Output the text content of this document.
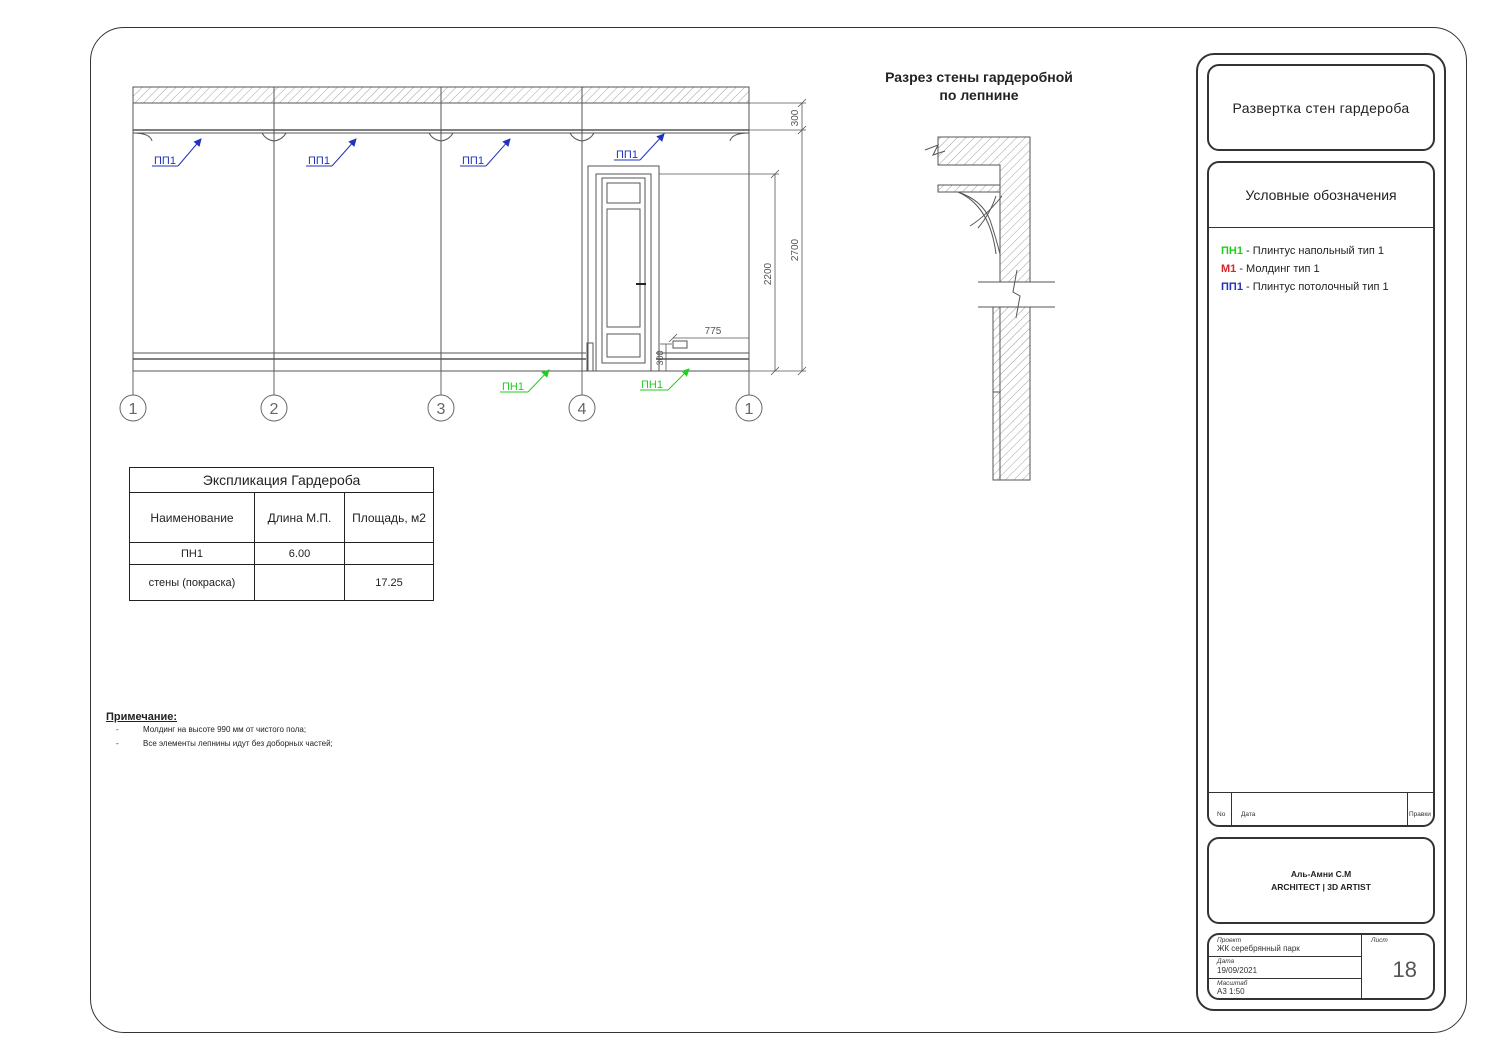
300
2700
2200
775
300
ПП1	ПП1	ПП1	ПП1
ПН1	ПН1
1	2	3	4	1
Разрез стены гардеробной
по лепнине
Экспликация Гардероба		
Наименование	Длина М.П.	Площадь, м2
ПН1	6.00	
стены (покраска)		17.25
Примечание:
-	Молдинг на высоте 990 мм от чистого пола;
-	Все элементы лепнины идут без доборных частей;
Развертка стен гардероба
Условные обозначения
ПН1 - Плинтус напольный тип 1
М1 - Молдинг тип 1
ПП1 - Плинтус потолочный тип 1
No Дата	Правки
Аль-Амни С.М
ARCHITECT | 3D ARTIST
Проект
ЖК серебрянный парк
Дата
19/09/2021
Масштаб
А3 1:50
Лист
18
